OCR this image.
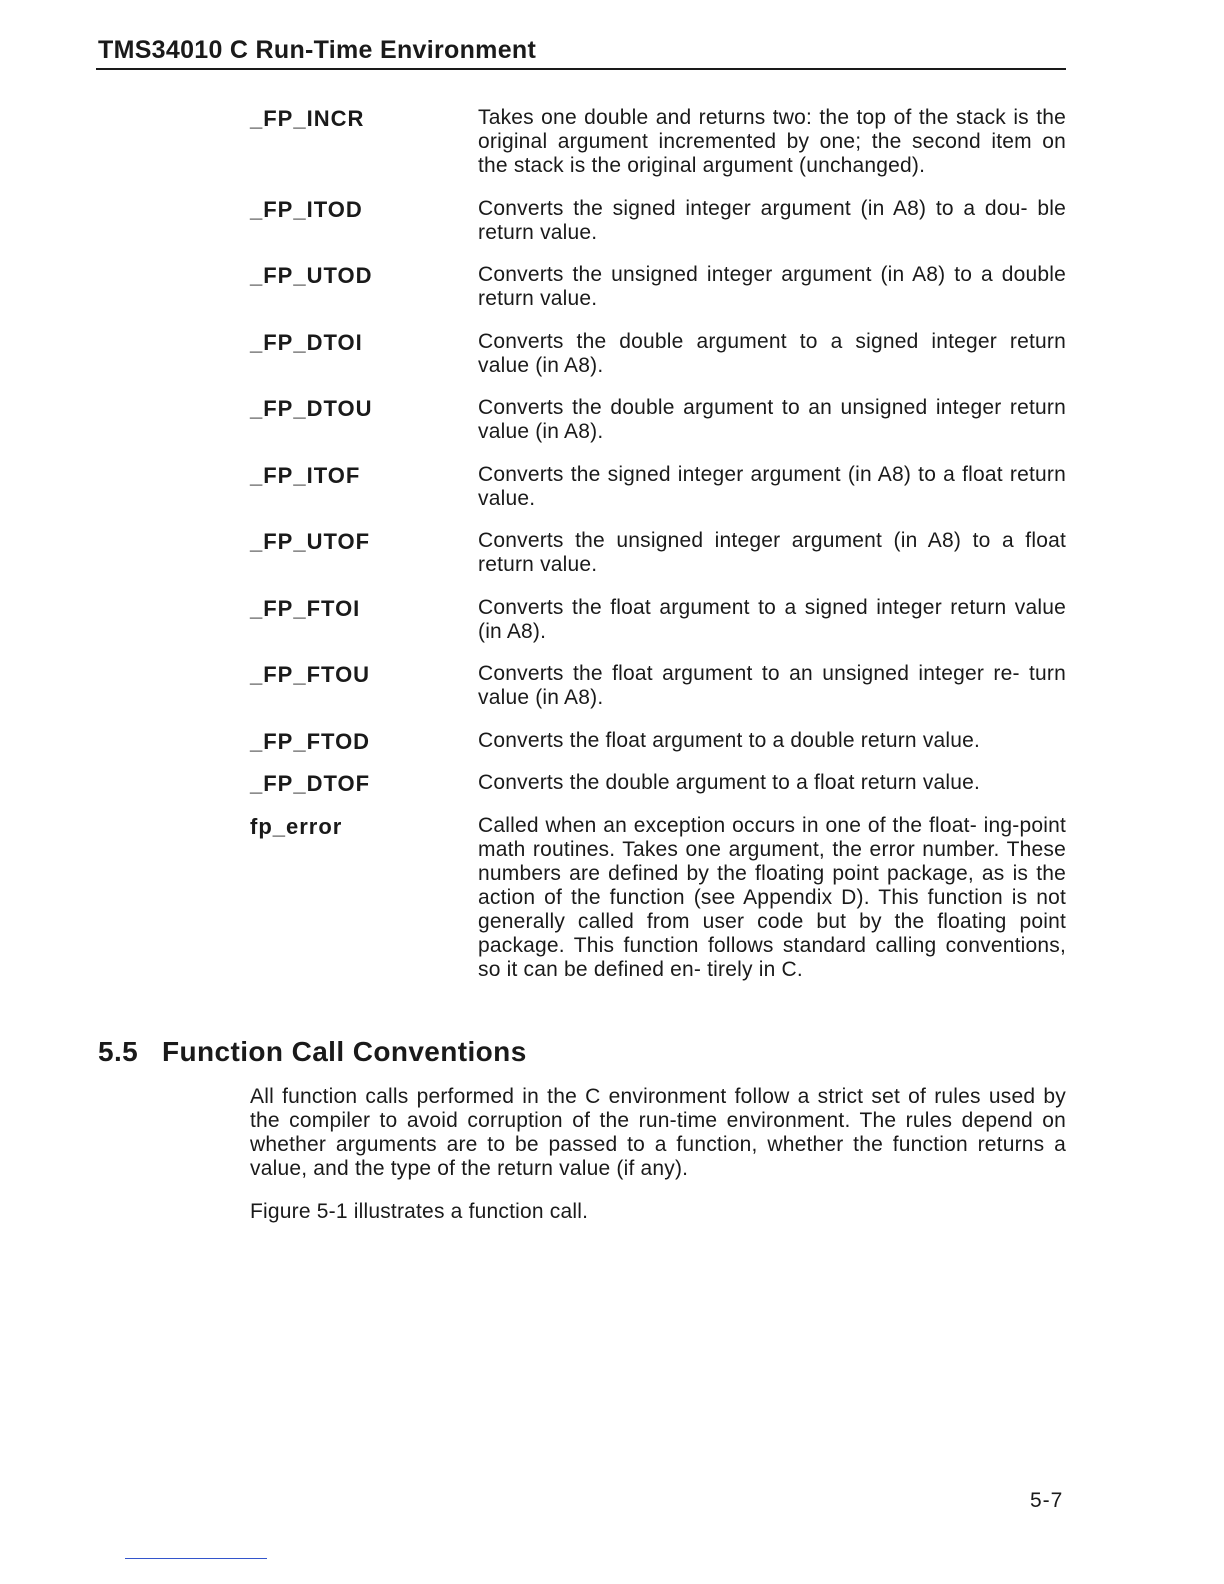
TMS34010 C Run-Time Environment
_FP_INCR	Takes one double and returns two: the top of the stack is the original argument incremented by one; the second item on the stack is the original argument (unchanged).
_FP_ITOD	Converts the signed integer argument (in A8) to a dou- ble return value.
_FP_UTOD	Converts the unsigned integer argument (in A8) to a double return value.
_FP_DTOI	Converts the double argument to a signed integer return value (in A8).
_FP_DTOU	Converts the double argument to an unsigned integer return value (in A8).
_FP_ITOF	Converts the signed integer argument (in A8) to a float return value.
_FP_UTOF	Converts the unsigned integer argument (in A8) to a float return value.
_FP_FTOI	Converts the float argument to a signed integer return value (in A8).
_FP_FTOU	Converts the float argument to an unsigned integer re- turn value (in A8).
_FP_FTOD	Converts the float argument to a double return value.
_FP_DTOF	Converts the double argument to a float return value.
fp_error	Called when an exception occurs in one of the float- ing-point math routines. Takes one argument, the error number. These numbers are defined by the floating point package, as is the action of the function (see Appendix D). This function is not generally called from user code but by the floating point package. This function follows standard calling conventions, so it can be defined en- tirely in C.
5.5 Function Call Conventions
All function calls performed in the C environment follow a strict set of rules used by the compiler to avoid corruption of the run-time environment. The rules depend on whether arguments are to be passed to a function, whether the function returns a value, and the type of the return value (if any).
Figure 5-1 illustrates a function call.
5-7
